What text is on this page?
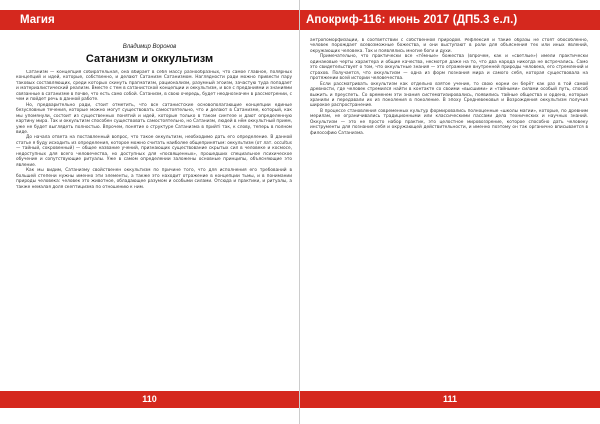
Магия
Владимир Воронов
Сатанизм и оккультизм

Сатанизм — концепция собирательная, она вбирает в себя массу разнообразных, что самое главное, полярных концепций и идей, которые, собственно, и делают Сатанизм Сатанизмом. Наглядности ради можно привести пару таковых составляющих, среди которых скинуть прагматизм, рационализм, разумный эгоизм, зачастую тудa попадает и материалистический реализм. Вместе с тем в сатанистской концепции и оккультизм, и все с преданиями и знаниями связанные в сатанизме в почве, что есть само собой. Сатанизм, в свою очередь, будет неоднозначен в рассмотрении, с чем и пойдет речь в данной работе.

Но, предварительно ради, стоит отметить, что все сатанистские основополагающие концепции единые безусловные течения, которые можно могут существовать самостоятельно, что и делают в Сатанизме, который, как мы упомянули, состоит из существенных понятий и идей, которые только в таком синтезе и дают определенную картину мира. Так и оккультизм способен существовать самостоятельно, но Сатанизм, людей в нём оккультный прием, уже не будет выглядеть полностью. Впрочем, понятие о структуре Сатанизма в прийтi так, к слову, теперь в полном виде.

До начала ответа на поставленный вопрос, что такое оккультизм, необходимо дать его определение. В данной статье я буду исходить из определения, которое можно считать наиболее общепринятым: оккультизм (от лат. occultus — тайный, сокровенный) — общее название учений, признающих существование скрытых сил в человеке и космосе, недоступных для всего человечества, но доступных для «посвященных», прошедших специальное психическое обучение и сопутствующие ритуалы. Уже в самом определении заложены основные принципы, объясняющие это явление.

Как мы видим, Сатанизму свойственен оккультизм по причине того, что для исполнения его требований в большей степени нужны именно эти элементы, а также это находит отражение в концепции тьмы, и в понимании природы человека: человек это животное, обладающее разумом и особыми силами. Отсюда и практики, и ритуалы, а также немалая доля скептицизма по отношению к ним.

110
Апокриф-116: июнь 2017 (ДП5.3 е.л.)

антропоморфизации, в соответствии с собственной природой. Рефлексия и такие образы не стоят обособленно, человек порождает всевозможные божества, и они выступают в роли для объяснения тех или иных явлений, окружающих человека. Так и появлялись многие боги и духи.

Примечательно, что практически все «тёмные» божества (впрочем, как и «светлые») имели практически одинаковые черты характера и общие качества, несмотря даже на то, что два народа никогда не встречались. Само это свидетельствует о том, что оккультные знания — это отражение внутренней природы человека, его стремлений и страхов. Получается, что оккультизм — одна из форм познания мира и самого себя, которая существовала на протяжении всей истории человечества.

Если рассматривать оккультизм как отдельно взятое учение, то свою корни он берёт как раз в той самой древности, где человек стремился найти в контакте со своими «высшими» и «тайными» силами особый путь, способ выжить и преуспеть. Со временем эти знания систематизировались, появились тайные общества и ордена, которые хранили и передавали их из поколения в поколение. В эпоху Средневековья и Возрождения оккультизм получил широкое распространение.

В процессе становления современных культур формировались полноценные «школы магии», которые, по древним мерилам, не ограничивались традиционными или классическими пассами дела технических и научных знаний. Оккультизм — это не просто набор практик, это целостное мировоззрение, которое способно дать человеку инструменты для познания себя и окружающей действительности, и именно поэтому он так органично вписывается в философию Сатанизма.

111
